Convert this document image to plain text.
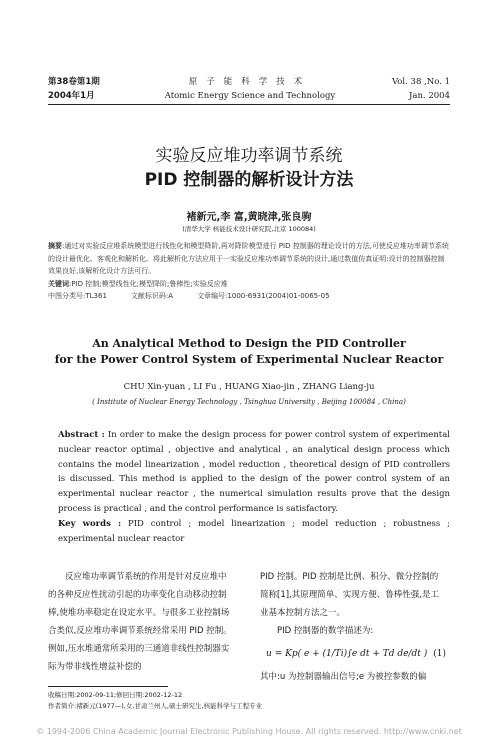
第38卷第1期
2004年1月
原子能科学技术
Atomic Energy Science and Technology
Vol. 38 ,No. 1
Jan. 2004
实验反应堆功率调节系统
PID 控制器的解析设计方法
褚新元,李 富,黄晓津,张良驹
(清华大学 核能技术设计研究院,北京 100084)
摘要:通过对实验反应堆系统模型进行线性化和模型降阶,再对降阶模型进行 PID 控制器的理论设计的方法,可使反应堆功率调节系统的设计最优化、客观化和解析化。将此解析化方法应用于一实验反应堆功率调节系统的设计,通过数值仿真证明:设计的控制器控制效果良好,该解析化设计方法可行。
关键词:PID 控制;模型线性化;模型降阶;鲁棒性;实验反应堆
中图分类号:TL361	文献标识码:A	文章编号:1000-6931(2004)01-0065-05
An Analytical Method to Design the PID Controller
for the Power Control System of Experimental Nuclear Reactor
CHU Xin-yuan , LI Fu , HUANG Xiao-jin , ZHANG Liang-ju
( Institute of Nuclear Energy Technology , Tsinghua University , Beijing 100084 , China)
Abstract : In order to make the design process for power control system of experimental nuclear reactor optimal , objective and analytical , an analytical design process which contains the model linearization , model reduction , theoretical design of PID controllers is discussed. This method is applied to the design of the power control system of an experimental nuclear reactor , the numerical simulation results prove that the design process is practical , and the control performance is satisfactory.
Key words : PID control ; model linearization ; model reduction ; robustness ; experimental nuclear reactor
反应堆功率调节系统的作用是针对反应堆中的各种反应性扰动引起的功率变化自动移动控制棒,使堆功率稳定在设定水平。与很多工业控制场合类似,反应堆功率调节系统经常采用 PID 控制。例如,压水堆通常所采用的三通道非线性控制器实际为带非线性增益补偿的
PID 控制。PID 控制是比例、积分、微分控制的简称[1],其原理简单、实现方便、鲁棒性强,是工业基本控制方法之一。
PID 控制器的数学描述为:
u = Kp( e + (1/Ti)∫e dt + Td de/dt ) (1)
其中:u 为控制器输出信号;e 为被控参数的偏
收稿日期:2002-09-11;修回日期:2002-12-12
作者简介:褚新元(1977—),女,甘肃兰州人,硕士研究生,核能科学与工程专业
© 1994-2006 China Academic Journal Electronic Publishing House. All rights reserved. http://www.cnki.net
